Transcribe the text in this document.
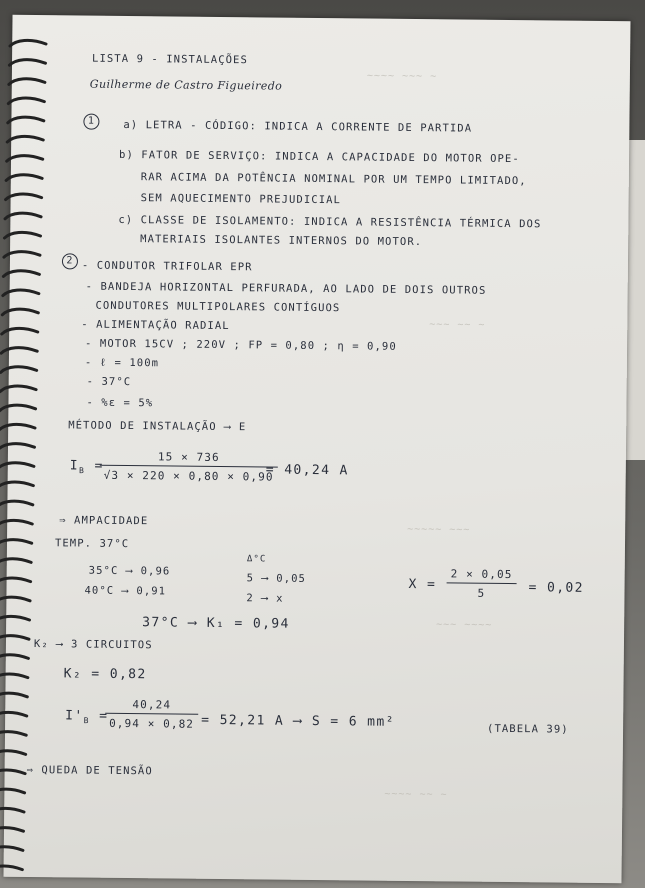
~~~~ ~~~ ~
~~~ ~~ ~
~~~~~ ~~~
~~~ ~~~~
~~~~ ~~ ~
LISTA 9 - INSTALAÇÕES
Guilherme de Castro Figueiredo
1	a) LETRA - CÓDIGO: INDICA A CORRENTE DE PARTIDA
b) FATOR DE SERVIÇO: INDICA A CAPACIDADE DO MOTOR OPE-
RAR ACIMA DA POTÊNCIA NOMINAL POR UM TEMPO LIMITADO,
SEM AQUECIMENTO PREJUDICIAL
c) CLASSE DE ISOLAMENTO: INDICA A RESISTÊNCIA TÉRMICA DOS
MATERIAIS ISOLANTES INTERNOS DO MOTOR.
2 - CONDUTOR TRIFOLAR EPR
- BANDEJA HORIZONTAL PERFURADA, AO LADO DE DOIS OUTROS
CONDUTORES MULTIPOLARES CONTÍGUOS
- ALIMENTAÇÃO RADIAL
- MOTOR 15CV ; 220V ; FP = 0,80 ; η = 0,90
- ℓ = 100m
- 37°C
- %ε = 5%
MÉTODO DE INSTALAÇÃO ⟶ E
$I_B$ =
$\frac{15 \times 736}{√3 \times 220 \times 0,80 \times 0,90}$
= 40,24 A
⇒ AMPACIDADE
TEMP. 37°C
35°C ⟶ 0,96
40°C ⟶ 0,91
Δ°C
5 ⟶ 0,05
2 ⟶ x
$X = \frac{2 \times 0,05}{5} = 0,02$
37°C ⟶ K₁ = 0,94
K₂ ⟶ 3 CIRCUITOS
K₂ = 0,82
$I'_B$ =
$\frac{40,24}{0,94 \times 0,82} = 52,21$ A ⟶ S = 6 mm²	(TABELA 39)
⇒ QUEDA DE TENSÃO
